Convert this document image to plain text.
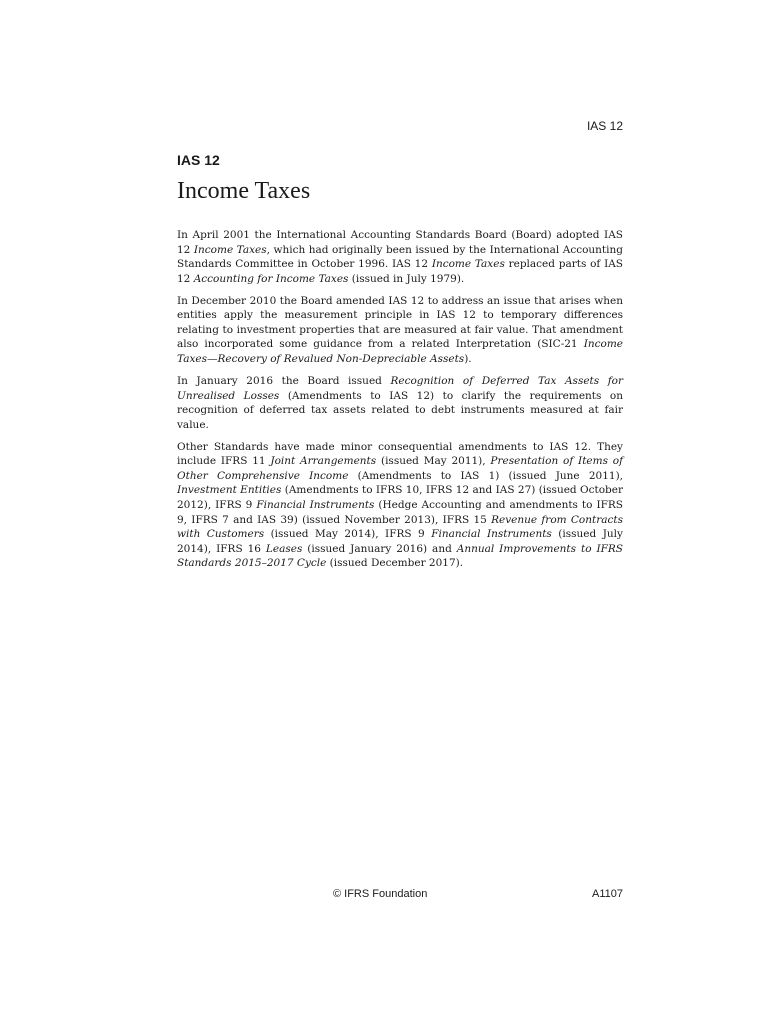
IAS 12
IAS 12
Income Taxes

In April 2001 the International Accounting Standards Board (Board) adopted IAS 12 Income Taxes, which had originally been issued by the International Accounting Standards Committee in October 1996. IAS 12 Income Taxes replaced parts of IAS 12 Accounting for Income Taxes (issued in July 1979).

In December 2010 the Board amended IAS 12 to address an issue that arises when entities apply the measurement principle in IAS 12 to temporary differences relating to investment properties that are measured at fair value. That amendment also incorporated some guidance from a related Interpretation (SIC-21 Income Taxes—Recovery of Revalued Non-Depreciable Assets).

In January 2016 the Board issued Recognition of Deferred Tax Assets for Unrealised Losses (Amendments to IAS 12) to clarify the requirements on recognition of deferred tax assets related to debt instruments measured at fair value.

Other Standards have made minor consequential amendments to IAS 12. They include IFRS 11 Joint Arrangements (issued May 2011), Presentation of Items of Other Comprehensive Income (Amendments to IAS 1) (issued June 2011), Investment Entities (Amendments to IFRS 10, IFRS 12 and IAS 27) (issued October 2012), IFRS 9 Financial Instruments (Hedge Accounting and amendments to IFRS 9, IFRS 7 and IAS 39) (issued November 2013), IFRS 15 Revenue from Contracts with Customers (issued May 2014), IFRS 9 Financial Instruments (issued July 2014), IFRS 16 Leases (issued January 2016) and Annual Improvements to IFRS Standards 2015–2017 Cycle (issued December 2017).

© IFRS Foundation	A1107
